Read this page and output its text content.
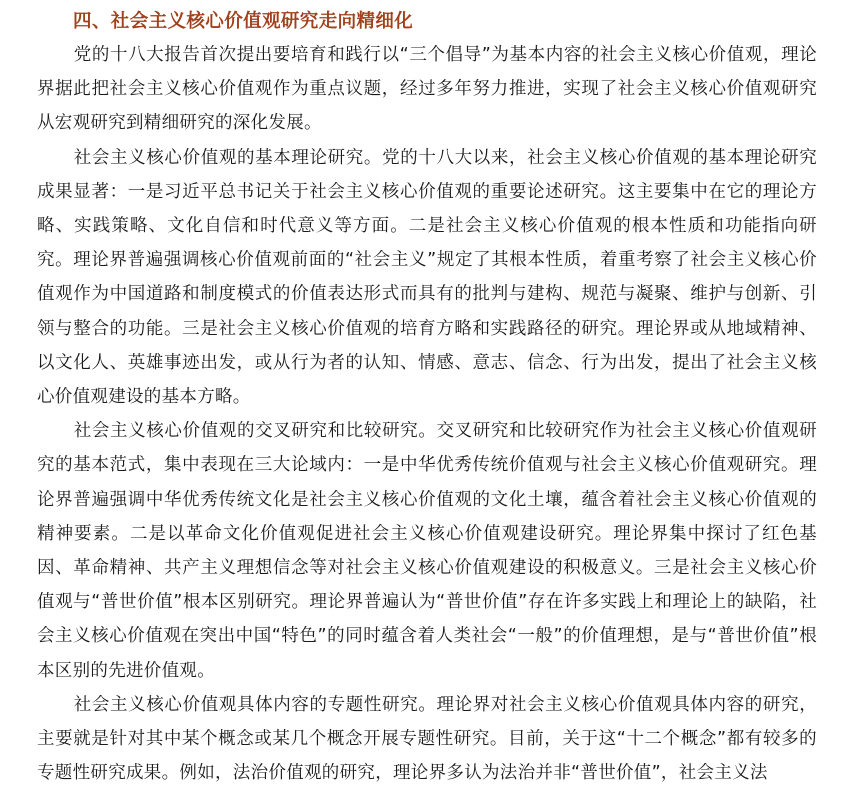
四、社会主义核心价值观研究走向精细化

党的十八大报告首次提出要培育和践行以“三个倡导”为基本内容的社会主义核心价值观，理论界据此把社会主义核心价值观作为重点议题，经过多年努力推进，实现了社会主义核心价值观研究从宏观研究到精细研究的深化发展。

社会主义核心价值观的基本理论研究。党的十八大以来，社会主义核心价值观的基本理论研究成果显著：一是习近平总书记关于社会主义核心价值观的重要论述研究。这主要集中在它的理论方略、实践策略、文化自信和时代意义等方面。二是社会主义核心价值观的根本性质和功能指向研究。理论界普遍强调核心价值观前面的“社会主义”规定了其根本性质，着重考察了社会主义核心价值观作为中国道路和制度模式的价值表达形式而具有的批判与建构、规范与凝聚、维护与创新、引领与整合的功能。三是社会主义核心价值观的培育方略和实践路径的研究。理论界或从地域精神、以文化人、英雄事迹出发，或从行为者的认知、情感、意志、信念、行为出发，提出了社会主义核心价值观建设的基本方略。

社会主义核心价值观的交叉研究和比较研究。交叉研究和比较研究作为社会主义核心价值观研究的基本范式，集中表现在三大论域内：一是中华优秀传统价值观与社会主义核心价值观研究。理论界普遍强调中华优秀传统文化是社会主义核心价值观的文化土壤，蕴含着社会主义核心价值观的精神要素。二是以革命文化价值观促进社会主义核心价值观建设研究。理论界集中探讨了红色基因、革命精神、共产主义理想信念等对社会主义核心价值观建设的积极意义。三是社会主义核心价值观与“普世价值”根本区别研究。理论界普遍认为“普世价值”存在许多实践上和理论上的缺陷，社会主义核心价值观在突出中国“特色”的同时蕴含着人类社会“一般”的价值理想，是与“普世价值”根本区别的先进价值观。

社会主义核心价值观具体内容的专题性研究。理论界对社会主义核心价值观具体内容的研究，主要就是针对其中某个概念或某几个概念开展专题性研究。目前，关于这“十二个概念”都有较多的专题性研究成果。例如，法治价值观的研究，理论界多认为法治并非“普世价值”，社会主义法
